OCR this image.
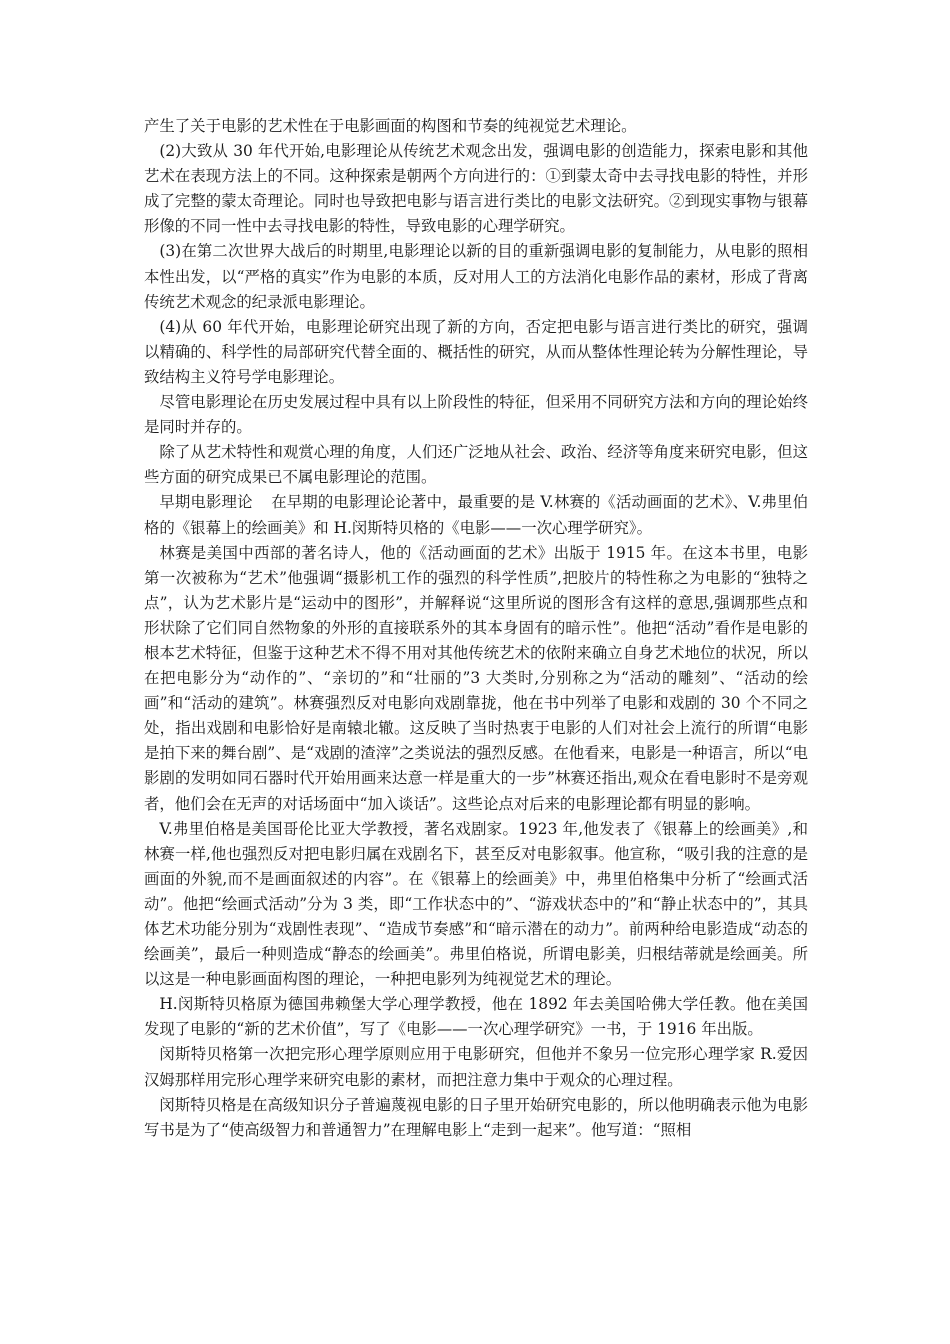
产生了关于电影的艺术性在于电影画面的构图和节奏的纯视觉艺术理论。

(2)大致从 30 年代开始,电影理论从传统艺术观念出发，强调电影的创造能力，探索电影和其他艺术在表现方法上的不同。这种探索是朝两个方向进行的：①到蒙太奇中去寻找电影的特性，并形成了完整的蒙太奇理论。同时也导致把电影与语言进行类比的电影文法研究。②到现实事物与银幕形像的不同一性中去寻找电影的特性，导致电影的心理学研究。

(3)在第二次世界大战后的时期里,电影理论以新的目的重新强调电影的复制能力，从电影的照相本性出发，以“严格的真实”作为电影的本质，反对用人工的方法消化电影作品的素材，形成了背离传统艺术观念的纪录派电影理论。

(4)从 60 年代开始，电影理论研究出现了新的方向，否定把电影与语言进行类比的研究，强调以精确的、科学性的局部研究代替全面的、概括性的研究，从而从整体性理论转为分解性理论，导致结构主义符号学电影理论。

尽管电影理论在历史发展过程中具有以上阶段性的特征，但采用不同研究方法和方向的理论始终是同时并存的。

除了从艺术特性和观赏心理的角度，人们还广泛地从社会、政治、经济等角度来研究电影，但这些方面的研究成果已不属电影理论的范围。

早期电影理论 在早期的电影理论论著中，最重要的是 V.林赛的《活动画面的艺术》、V.弗里伯格的《银幕上的绘画美》和 H.闵斯特贝格的《电影——一次心理学研究》。

林赛是美国中西部的著名诗人，他的《活动画面的艺术》出版于 1915 年。在这本书里，电影第一次被称为“艺术”他强调“摄影机工作的强烈的科学性质”,把胶片的特性称之为电影的“独特之点”，认为艺术影片是“运动中的图形”，并解释说“这里所说的图形含有这样的意思,强调那些点和形状除了它们同自然物象的外形的直接联系外的其本身固有的暗示性”。他把“活动”看作是电影的根本艺术特征，但鉴于这种艺术不得不用对其他传统艺术的依附来确立自身艺术地位的状况，所以在把电影分为“动作的”、“亲切的”和“壮丽的”3 大类时,分别称之为“活动的雕刻”、“活动的绘画”和“活动的建筑”。林赛强烈反对电影向戏剧靠拢，他在书中列举了电影和戏剧的 30 个不同之处，指出戏剧和电影恰好是南辕北辙。这反映了当时热衷于电影的人们对社会上流行的所谓“电影是拍下来的舞台剧”、是“戏剧的渣滓”之类说法的强烈反感。在他看来，电影是一种语言，所以“电影剧的发明如同石器时代开始用画来达意一样是重大的一步”林赛还指出,观众在看电影时不是旁观者，他们会在无声的对话场面中“加入谈话”。这些论点对后来的电影理论都有明显的影响。

V.弗里伯格是美国哥伦比亚大学教授，著名戏剧家。1923 年,他发表了《银幕上的绘画美》,和林赛一样,他也强烈反对把电影归属在戏剧名下，甚至反对电影叙事。他宣称，“吸引我的注意的是画面的外貌,而不是画面叙述的内容”。在《银幕上的绘画美》中，弗里伯格集中分析了“绘画式活动”。他把“绘画式活动”分为 3 类，即“工作状态中的”、“游戏状态中的”和“静止状态中的”，其具体艺术功能分别为“戏剧性表现”、“造成节奏感”和“暗示潜在的动力”。前两种给电影造成“动态的绘画美”，最后一种则造成“静态的绘画美”。弗里伯格说，所谓电影美，归根结蒂就是绘画美。所以这是一种电影画面构图的理论，一种把电影列为纯视觉艺术的理论。

H.闵斯特贝格原为德国弗赖堡大学心理学教授，他在 1892 年去美国哈佛大学任教。他在美国发现了电影的“新的艺术价值”，写了《电影——一次心理学研究》一书，于 1916 年出版。

闵斯特贝格第一次把完形心理学原则应用于电影研究，但他并不象另一位完形心理学家 R.爱因汉姆那样用完形心理学来研究电影的素材，而把注意力集中于观众的心理过程。

闵斯特贝格是在高级知识分子普遍蔑视电影的日子里开始研究电影的，所以他明确表示他为电影写书是为了“使高级智力和普通智力”在理解电影上“走到一起来”。他写道：“照相
